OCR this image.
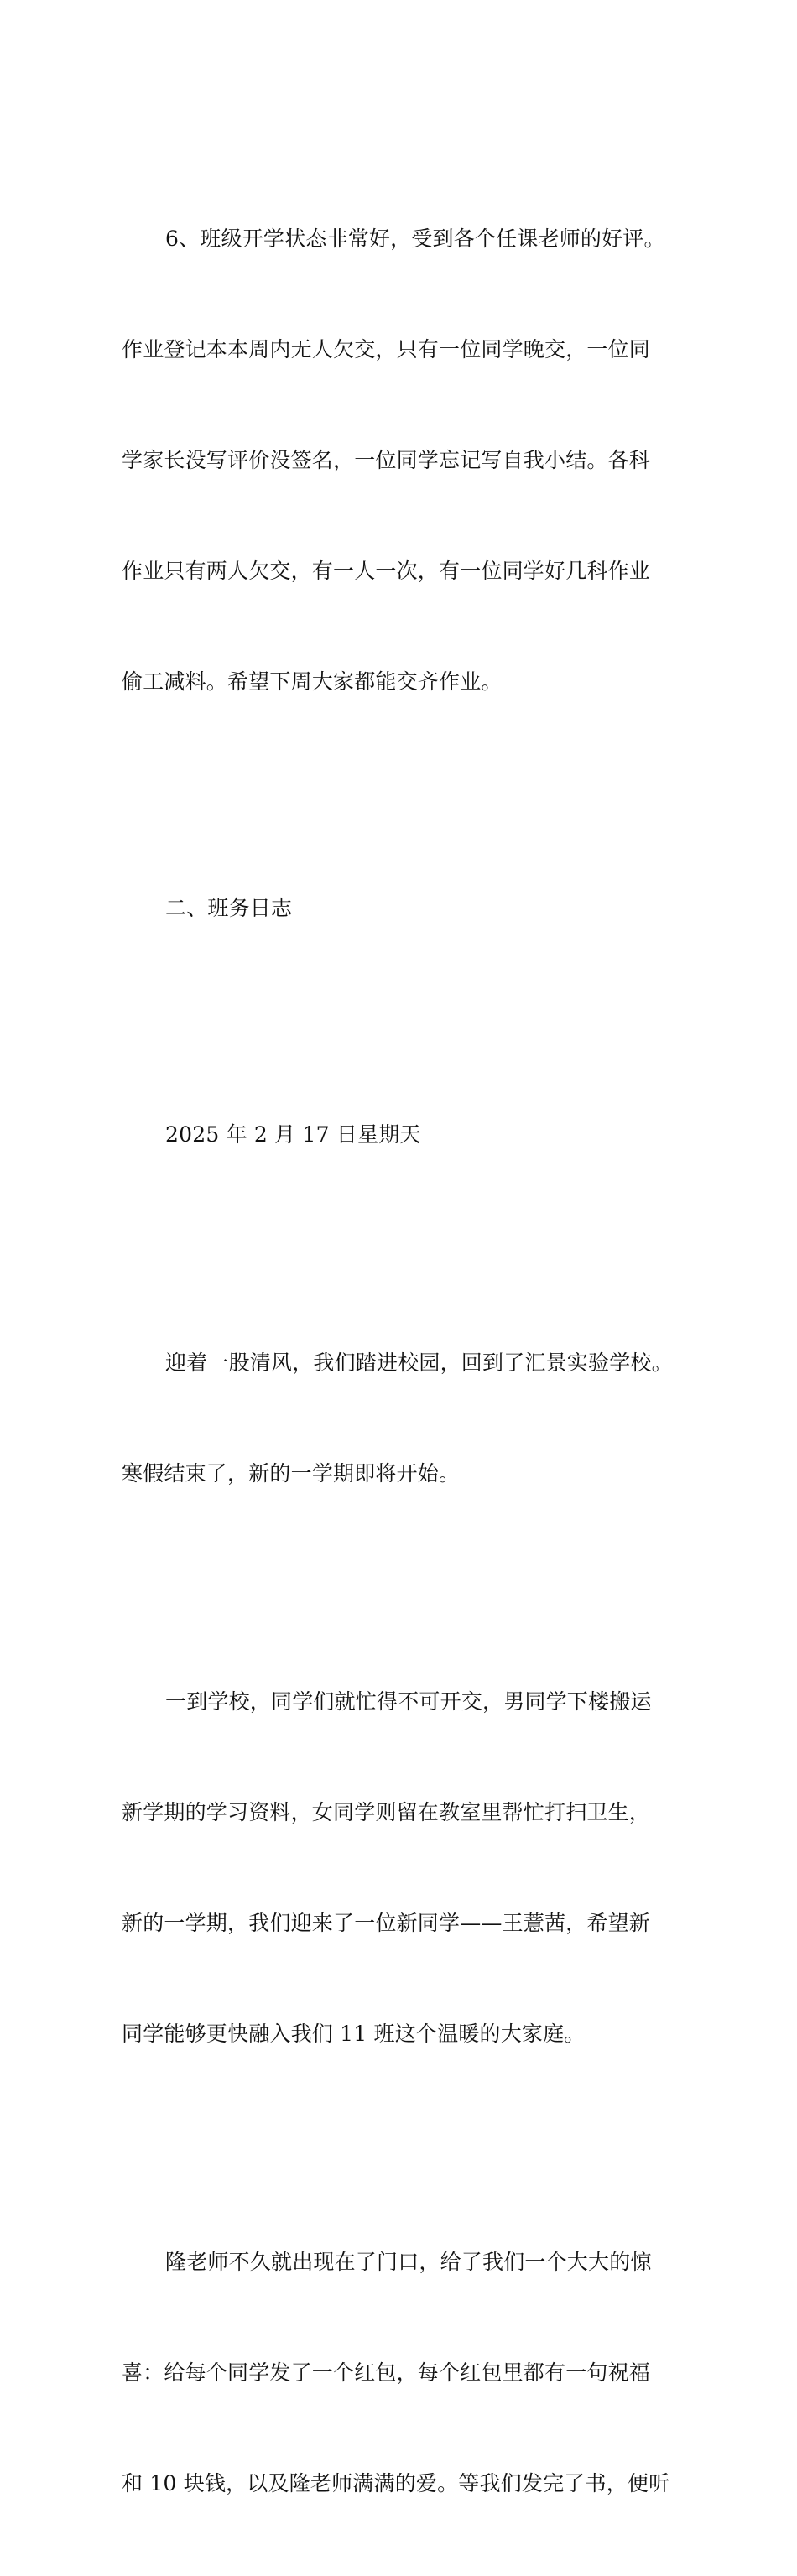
6、班级开学状态非常好，受到各个任课老师的好评。

作业登记本本周内无人欠交，只有一位同学晚交，一位同

学家长没写评价没签名，一位同学忘记写自我小结。各科

作业只有两人欠交，有一人一次，有一位同学好几科作业

偷工减料。希望下周大家都能交齐作业。

二、班务日志

2025 年 2 月 17 日星期天

迎着一股清风，我们踏进校园，回到了汇景实验学校。

寒假结束了，新的一学期即将开始。

一到学校，同学们就忙得不可开交，男同学下楼搬运

新学期的学习资料，女同学则留在教室里帮忙打扫卫生，

新的一学期，我们迎来了一位新同学——王薏茜，希望新

同学能够更快融入我们 11 班这个温暖的大家庭。

隆老师不久就出现在了门口，给了我们一个大大的惊

喜：给每个同学发了一个红包，每个红包里都有一句祝福

和 10 块钱，以及隆老师满满的爱。等我们发完了书，便听
